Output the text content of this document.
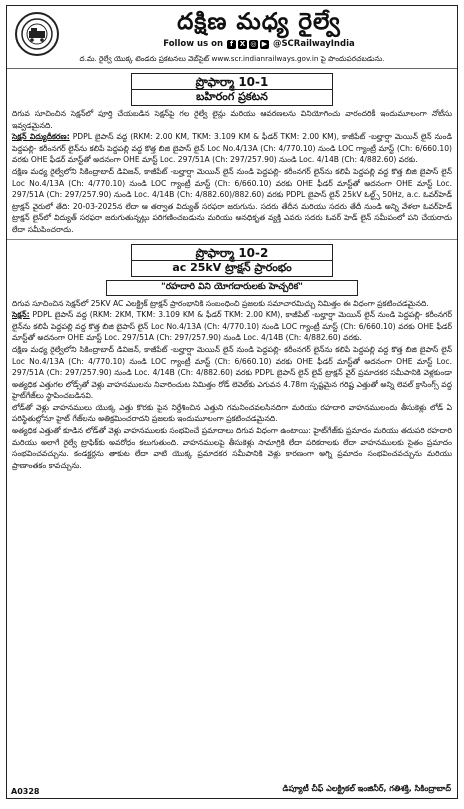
దక్షిణ మధ్య రైల్వే
Follow us on f X ◎ ▶ @SCRailwayIndia
ద.మ. రైల్వే యొక్క టెండరు ప్రకటనలు వెబ్‌సైట్ www.scr.indianrailways.gov.in పై పొందుపరచబడును.
ప్రొఫార్మా 10-1
బహిరంగ ప్రకటన

దిగువ సూచించిన సెక్షన్‌లో పూర్తి చేయబడిన సెక్షన్‌పై గల రైల్వే లైన్లు మరియు ఆవరణలను వినియోగించు వారందరికీ ఇందుమూలంగా నోటీసు ఇవ్వడమైనది.

సెక్షన్ విద్యుదీకరణ: PDPL బైపాస్ వద్ద (RKM: 2.00 KM, TKM: 3.109 KM & ఫీడర్ TKM: 2.00 KM), కాజీపేట్ -బల్హార్షా మెయిన్ లైన్ నుండి పెద్దపల్లి- కరీంనగర్ లైన్‌ను కలిపే పెద్దపల్లి వద్ద కొత్త బిజి బైపాస్ లైన్ Loc No.4/13A (Ch: 4/770.10) నుండి LOC గ్యాంట్రీ మాస్ట్ (Ch: 6/660.10) వరకు OHE ఫీడర్ మాస్ట్‌తో అదనంగా OHE మాస్ట్ Loc. 297/51A (Ch: 297/257.90) నుండి Loc. 4/14B (Ch: 4/882.60) వరకు.

దక్షిణ మధ్య రైల్వేలోని సికింద్రాబాద్ డివిజన్, కాజీపేట్ -బల్హార్షా మెయిన్ లైన్ నుండి పెద్దపల్లి- కరీంనగర్ లైన్‌ను కలిపే పెద్దపల్లి వద్ద కొత్త బిజి బైపాస్ లైన్ Loc No.4/13A (Ch: 4/770.10) నుండి LOC గ్యాంట్రీ మాస్ట్ (Ch: 6/660.10) వరకు OHE ఫీడర్ మాస్ట్‌తో అదనంగా OHE మాస్ట్ Loc. 297/51A (Ch: 297/257.90) నుండి Loc. 4/14B (Ch: 4/882.60)/882.60) వరకు PDPL బైపాస్ లైన్ 25kV ఓల్ట్స్ 50Hz, a.c. ఓవర్‌హెడ్ ట్రాక్షన్ వైరులో తేది: 20-03-2025న లేదా ఆ తర్వాత విద్యుత్ సరఫరా జరుగును. సదరు తేదీన మరియు సదరు తేదీ నుండి అన్ని వేళలా ఓవర్‌హెడ్ ట్రాక్షన్ లైన్‌లో విద్యుత్ సరఫరా జరుగుతున్నట్లు పరిగణించబడును మరియు అనధికృత వ్యక్తి ఎవరు సదరు ఓవర్ హెడ్ లైన్ సమీపంలో పని చేయరాదు లేదా సమీపించరాదు.

ప్రొఫార్మా 10-2
ac 25kV ట్రాక్షన్ ప్రారంభం
"రహదారి విని యోగదారులకు హెచ్చరిక"

దిగువ సూచించిన సెక్షన్‌లో 25KV AC ఎలక్ట్రిక్ ట్రాక్షన్ ప్రారంభానికి సంబంధించి ప్రజలకు సమాచారమిచ్చు నిమిత్తం ఈ విధంగా ప్రకటించడమైనది.

సెక్షన్: PDPL బైపాస్ వద్ద (RKM: 2KM, TKM: 3.109 KM & ఫీడర్ TKM: 2.00 KM), కాజీపేట్ -బల్హార్షా మెయిన్ లైన్ నుండి పెద్దపల్లి- కరీంనగర్ లైన్‌ను కలిపే పెద్దపల్లి వద్ద కొత్త బిజి బైపాస్ లైన్ Loc No.4/13A (Ch: 4/770.10) నుండి LOC గ్యాంట్రీ మాస్ట్ (Ch: 6/660.10) వరకు OHE ఫీడర్ మాస్ట్‌తో అదనంగా OHE మాస్ట్ Loc. 297/51A (Ch: 297/257.90) నుండి Loc. 4/14B (Ch: 4/882.60) వరకు.

దక్షిణ మధ్య రైల్వేలోని సికింద్రాబాద్ డివిజన్, కాజీపేట్ -బల్హార్షా మెయిన్ లైన్ నుండి పెద్దపల్లి- కరీంనగర్ లైన్‌ను కలిపే పెద్దపల్లి వద్ద కొత్త బిజి బైపాస్ లైన్ Loc No.4/13A (Ch: 4/770.10) నుండి LOC గ్యాంట్రీ మాస్ట్ (Ch: 6/660.10) వరకు OHE ఫీడర్ మాస్ట్‌తో అదనంగా OHE మాస్ట్ Loc. 297/51A (Ch: 297/257.90) నుండి Loc. 4/14B (Ch: 4/882.60) వరకు PDPL బైపాస్ లైన్ లైవ్ ట్రాక్షన్ వైర్ ప్రమాదకర సమీపానికి వెళ్లకుండా అత్యధిక ఎత్తుగల లోడ్స్‌తో వెళ్లు వాహనములను నివారించుట నిమిత్తం రోడ్ లెవెల్‌కు ఎగువన 4.78m స్పష్టమైన గరిష్ట ఎత్తుతో అన్ని లెవల్ క్రాసింగ్స్ వద్ద హైట్‌గేజ్‌లు స్థాపించబడినవి.

లోడ్‌తో వెళ్లు వాహనములు యొక్క ఎత్తు కొరకు పైన నిర్దేశించిన ఎత్తుని గమనించవలసినదిగా మరియు రహదారి వాహనములందు తీసుకెళ్లు లోడ్ ఏ పరిస్థితుల్లోనూ హైట్ గేజ్‌లను అతిక్రమించరాదని ప్రజలకు ఇందుమూలంగా ప్రకటించడమైనది.

అత్యధిక ఎత్తుతో కూడిన లోడ్‌తో వెళ్లు వాహనములకు సంభవించే ప్రమాదాలు దిగువ విధంగా ఉంటాయి: హైట్‌గేజ్‌కు ప్రమాదం మరియు తదుపరి రహదారి మరియు అలాగే రైల్వే ట్రాఫిక్‌కు అవరోధం కలుగుతుంది. వాహనములపై తీసుకెళ్లు సామాగ్రికి లేదా పరికరాలకు లేదా వాహనములకు సైతం ప్రమాదం సంభవించవచ్చును. కండక్టర్లను తాకుట లేదా వాటి యొక్క ప్రమాదకర సమీపానికి వెళ్లు కారణంగా అగ్ని ప్రమాదం సంభవించవచ్చును మరియు ప్రాణాంతకం కావచ్చును.

A0328	డిప్యూటీ చీఫ్ ఎలక్ట్రికల్ ఇంజినీర్, గతిశక్తి, సికింద్రాబాద్
